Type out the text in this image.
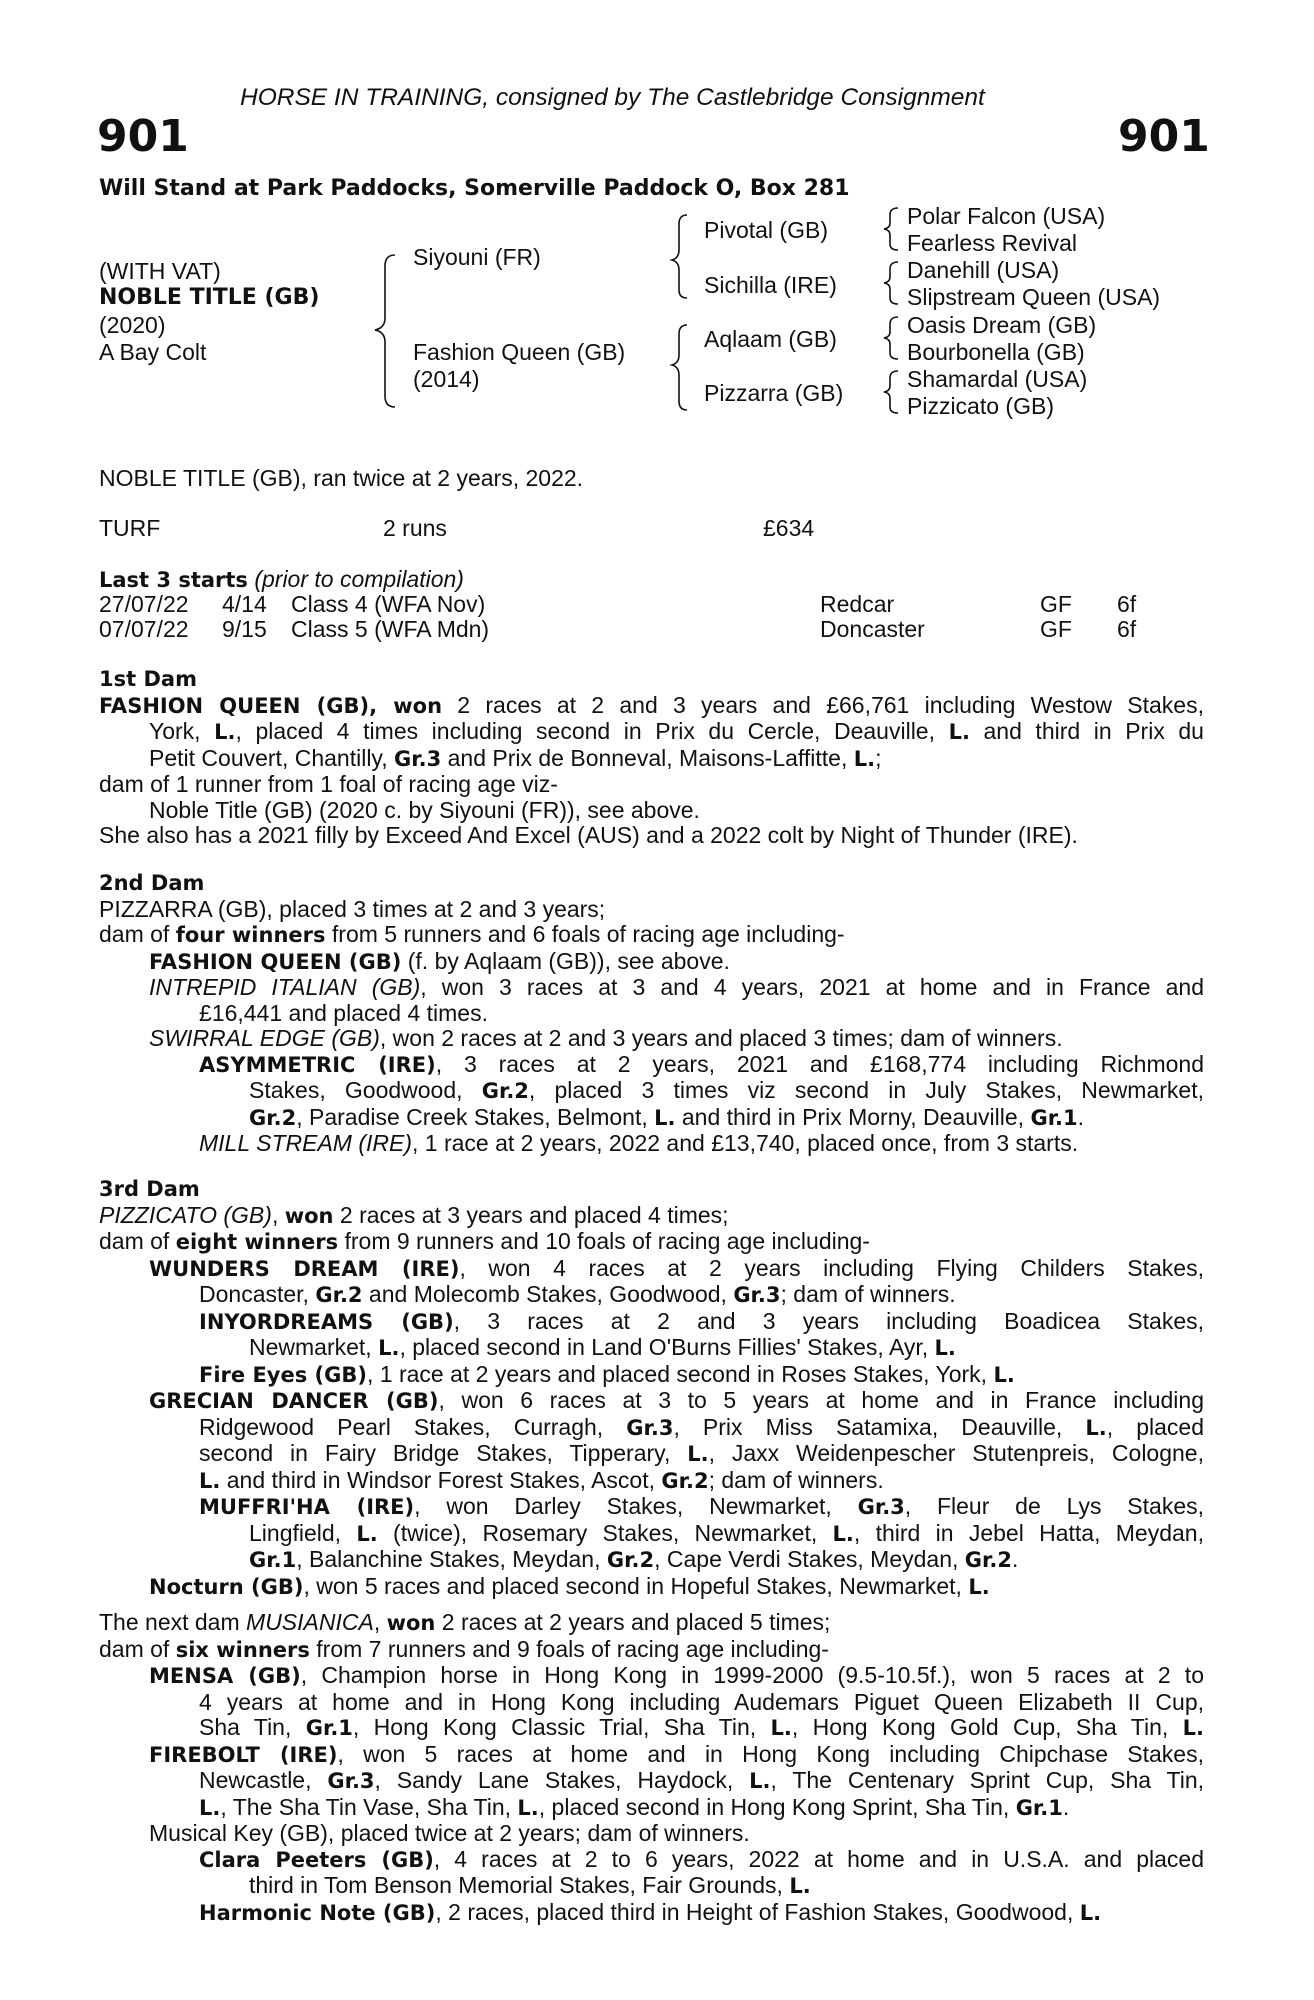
HORSE IN TRAINING, consigned by The Castlebridge Consignment
901	901
Will Stand at Park Paddocks, Somerville Paddock O, Box 281
(WITH VAT)
NOBLE TITLE (GB)
(2020)
A Bay Colt
Siyouni (FR)
Fashion Queen (GB)
(2014)
Pivotal (GB)
Sichilla (IRE)
Aqlaam (GB)
Pizzarra (GB)
Polar Falcon (USA)
Fearless Revival
Danehill (USA)
Slipstream Queen (USA)
Oasis Dream (GB)
Bourbonella (GB)
Shamardal (USA)
Pizzicato (GB)
NOBLE TITLE (GB), ran twice at 2 years, 2022.
TURF	2 runs	£634
Last 3 starts (prior to compilation)
27/07/22 4/14 Class 4 (WFA Nov)	Redcar	GF 6f
07/07/22 9/15 Class 5 (WFA Mdn)	Doncaster	GF 6f
1st Dam
FASHION QUEEN (GB), won 2 races at 2 and 3 years and £66,761 including Westow Stakes,
York, L., placed 4 times including second in Prix du Cercle, Deauville, L. and third in Prix du
Petit Couvert, Chantilly, Gr.3 and Prix de Bonneval, Maisons-Laffitte, L.;
dam of 1 runner from 1 foal of racing age viz-
Noble Title (GB) (2020 c. by Siyouni (FR)), see above.
She also has a 2021 filly by Exceed And Excel (AUS) and a 2022 colt by Night of Thunder (IRE).
2nd Dam
PIZZARRA (GB), placed 3 times at 2 and 3 years;
dam of four winners from 5 runners and 6 foals of racing age including-
FASHION QUEEN (GB) (f. by Aqlaam (GB)), see above.
INTREPID ITALIAN (GB), won 3 races at 3 and 4 years, 2021 at home and in France and
£16,441 and placed 4 times.
SWIRRAL EDGE (GB), won 2 races at 2 and 3 years and placed 3 times; dam of winners.
ASYMMETRIC (IRE), 3 races at 2 years, 2021 and £168,774 including Richmond
Stakes, Goodwood, Gr.2, placed 3 times viz second in July Stakes, Newmarket,
Gr.2, Paradise Creek Stakes, Belmont, L. and third in Prix Morny, Deauville, Gr.1.
MILL STREAM (IRE), 1 race at 2 years, 2022 and £13,740, placed once, from 3 starts.
3rd Dam
PIZZICATO (GB), won 2 races at 3 years and placed 4 times;
dam of eight winners from 9 runners and 10 foals of racing age including-
WUNDERS DREAM (IRE), won 4 races at 2 years including Flying Childers Stakes,
Doncaster, Gr.2 and Molecomb Stakes, Goodwood, Gr.3; dam of winners.
INYORDREAMS (GB), 3 races at 2 and 3 years including Boadicea Stakes,
Newmarket, L., placed second in Land O'Burns Fillies' Stakes, Ayr, L.
Fire Eyes (GB), 1 race at 2 years and placed second in Roses Stakes, York, L.
GRECIAN DANCER (GB), won 6 races at 3 to 5 years at home and in France including
Ridgewood Pearl Stakes, Curragh, Gr.3, Prix Miss Satamixa, Deauville, L., placed
second in Fairy Bridge Stakes, Tipperary, L., Jaxx Weidenpescher Stutenpreis, Cologne,
L. and third in Windsor Forest Stakes, Ascot, Gr.2; dam of winners.
MUFFRI'HA (IRE), won Darley Stakes, Newmarket, Gr.3, Fleur de Lys Stakes,
Lingfield, L. (twice), Rosemary Stakes, Newmarket, L., third in Jebel Hatta, Meydan,
Gr.1, Balanchine Stakes, Meydan, Gr.2, Cape Verdi Stakes, Meydan, Gr.2.
Nocturn (GB), won 5 races and placed second in Hopeful Stakes, Newmarket, L.
The next dam MUSIANICA, won 2 races at 2 years and placed 5 times;
dam of six winners from 7 runners and 9 foals of racing age including-
MENSA (GB), Champion horse in Hong Kong in 1999-2000 (9.5-10.5f.), won 5 races at 2 to
4 years at home and in Hong Kong including Audemars Piguet Queen Elizabeth II Cup,
Sha Tin, Gr.1, Hong Kong Classic Trial, Sha Tin, L., Hong Kong Gold Cup, Sha Tin, L.
FIREBOLT (IRE), won 5 races at home and in Hong Kong including Chipchase Stakes,
Newcastle, Gr.3, Sandy Lane Stakes, Haydock, L., The Centenary Sprint Cup, Sha Tin,
L., The Sha Tin Vase, Sha Tin, L., placed second in Hong Kong Sprint, Sha Tin, Gr.1.
Musical Key (GB), placed twice at 2 years; dam of winners.
Clara Peeters (GB), 4 races at 2 to 6 years, 2022 at home and in U.S.A. and placed
third in Tom Benson Memorial Stakes, Fair Grounds, L.
Harmonic Note (GB), 2 races, placed third in Height of Fashion Stakes, Goodwood, L.
